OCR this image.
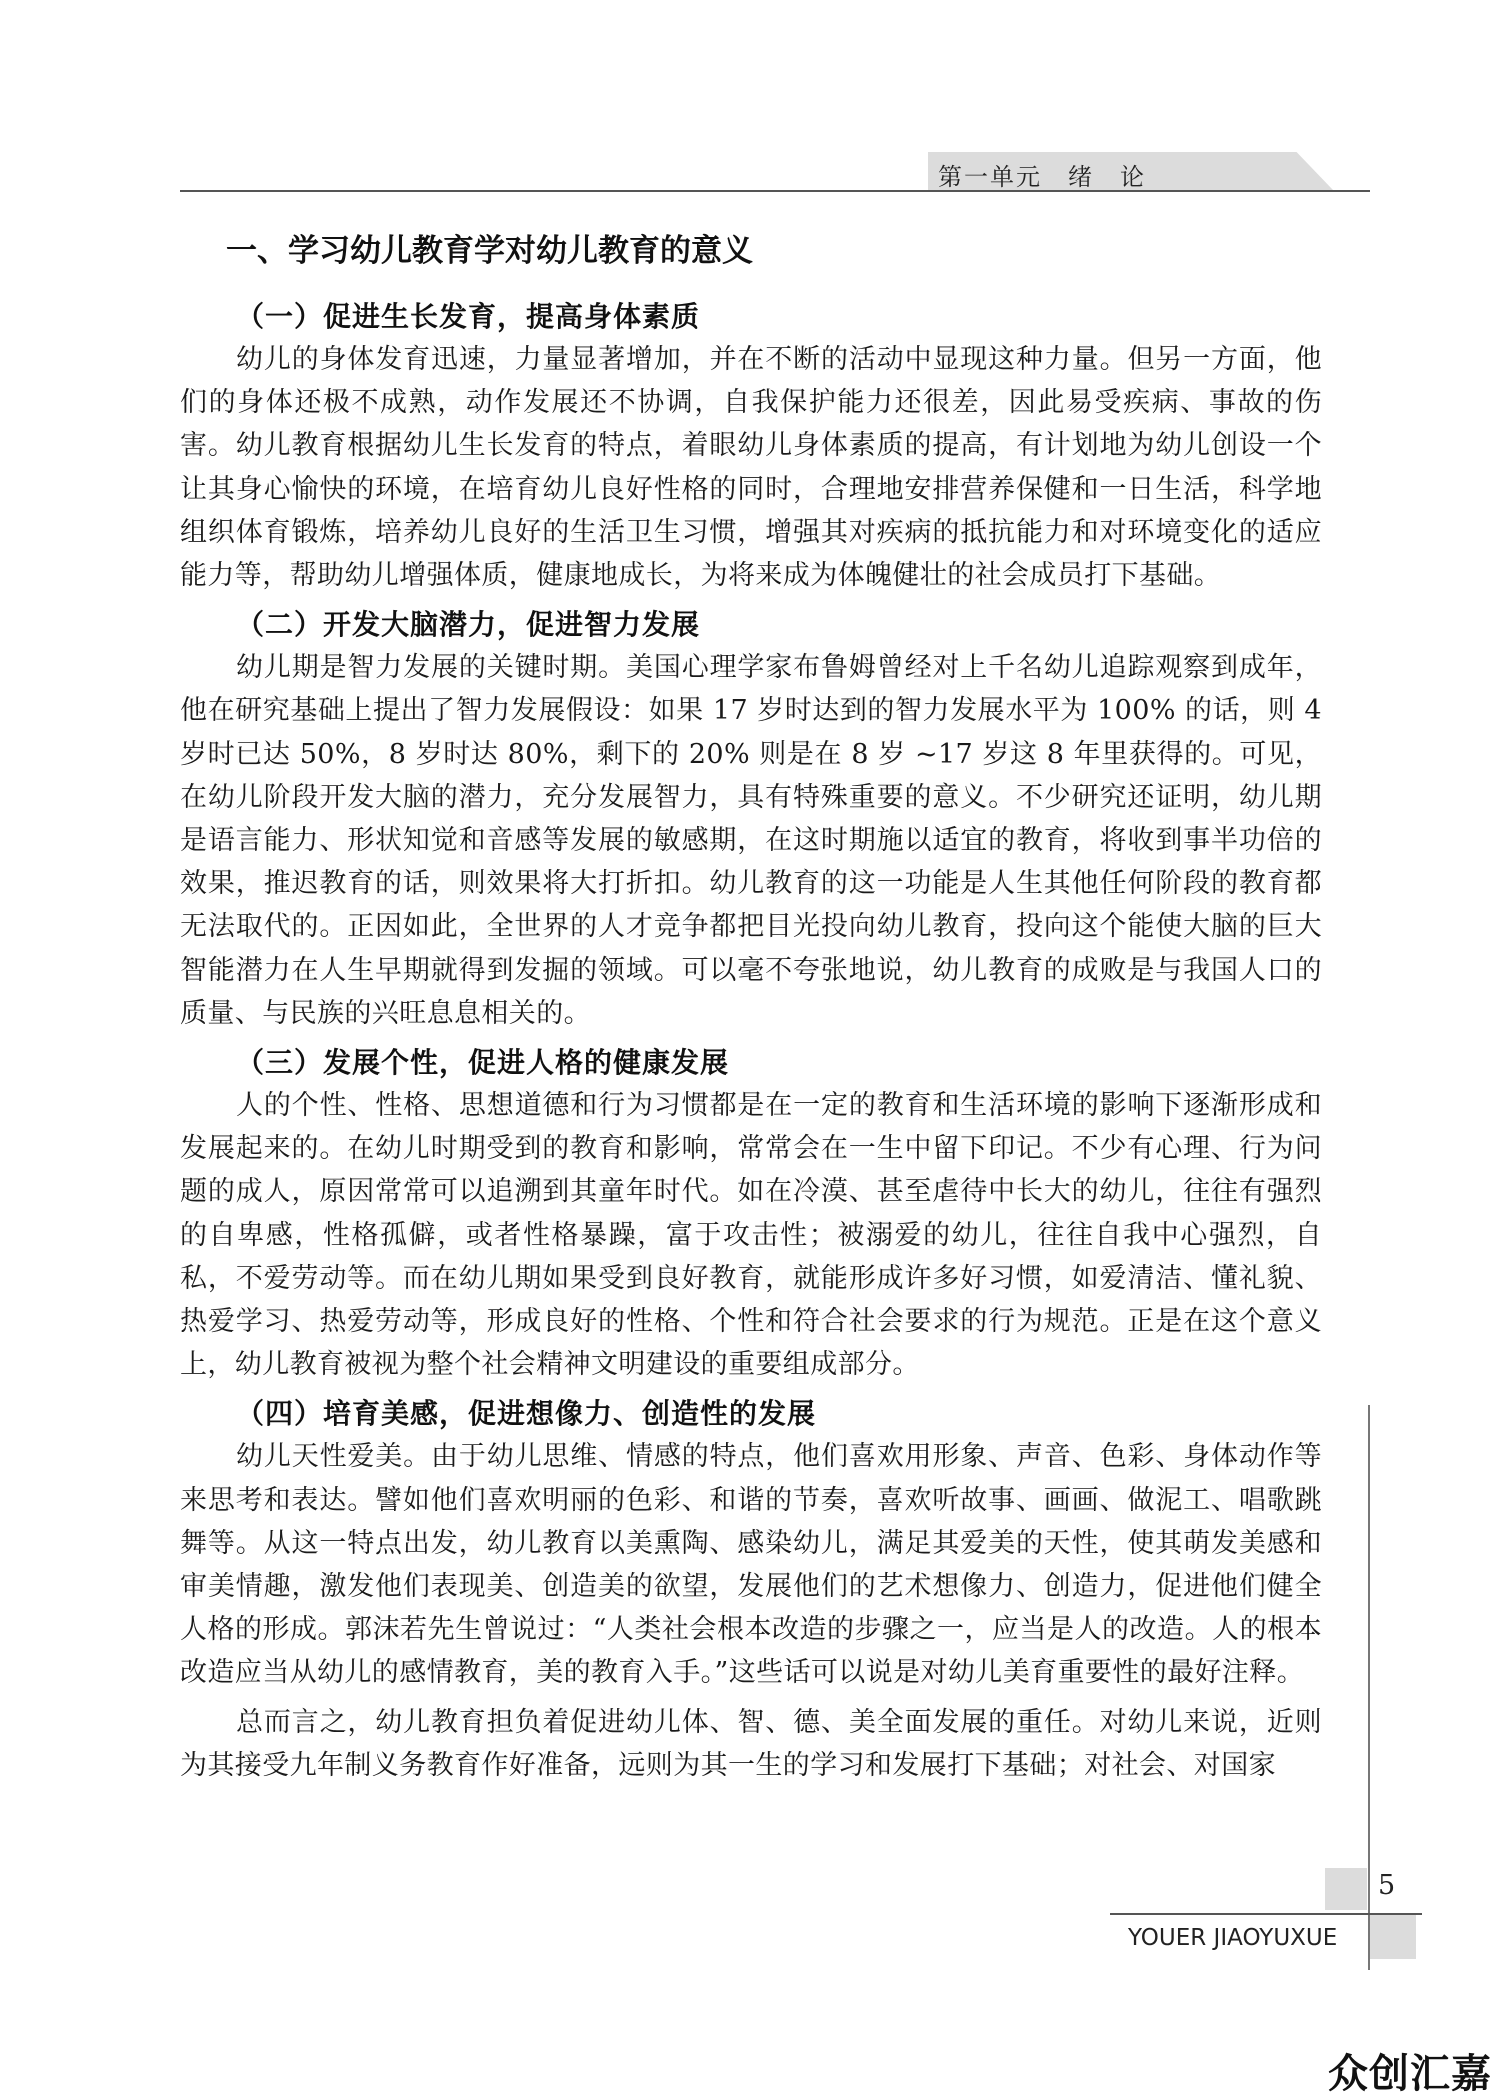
第一单元　绪　论
一、学习幼儿教育学对幼儿教育的意义
（一）促进生长发育，提高身体素质

幼儿的身体发育迅速，力量显著增加，并在不断的活动中显现这种力量。但另一方面，他们的身体还极不成熟，动作发展还不协调，自我保护能力还很差，因此易受疾病、事故的伤害。幼儿教育根据幼儿生长发育的特点，着眼幼儿身体素质的提高，有计划地为幼儿创设一个让其身心愉快的环境，在培育幼儿良好性格的同时，合理地安排营养保健和一日生活，科学地组织体育锻炼，培养幼儿良好的生活卫生习惯，增强其对疾病的抵抗能力和对环境变化的适应能力等，帮助幼儿增强体质，健康地成长，为将来成为体魄健壮的社会成员打下基础。

（二）开发大脑潜力，促进智力发展

幼儿期是智力发展的关键时期。美国心理学家布鲁姆曾经对上千名幼儿追踪观察到成年，他在研究基础上提出了智力发展假设：如果 17 岁时达到的智力发展水平为 100% 的话，则 4 岁时已达 50%，8 岁时达 80%，剩下的 20% 则是在 8 岁 ~17 岁这 8 年里获得的。可见，在幼儿阶段开发大脑的潜力，充分发展智力，具有特殊重要的意义。不少研究还证明，幼儿期是语言能力、形状知觉和音感等发展的敏感期，在这时期施以适宜的教育，将收到事半功倍的效果，推迟教育的话，则效果将大打折扣。幼儿教育的这一功能是人生其他任何阶段的教育都无法取代的。正因如此，全世界的人才竞争都把目光投向幼儿教育，投向这个能使大脑的巨大智能潜力在人生早期就得到发掘的领域。可以毫不夸张地说，幼儿教育的成败是与我国人口的质量、与民族的兴旺息息相关的。

（三）发展个性，促进人格的健康发展

人的个性、性格、思想道德和行为习惯都是在一定的教育和生活环境的影响下逐渐形成和发展起来的。在幼儿时期受到的教育和影响，常常会在一生中留下印记。不少有心理、行为问题的成人，原因常常可以追溯到其童年时代。如在冷漠、甚至虐待中长大的幼儿，往往有强烈的自卑感，性格孤僻，或者性格暴躁，富于攻击性；被溺爱的幼儿，往往自我中心强烈，自私，不爱劳动等。而在幼儿期如果受到良好教育，就能形成许多好习惯，如爱清洁、懂礼貌、热爱学习、热爱劳动等，形成良好的性格、个性和符合社会要求的行为规范。正是在这个意义上，幼儿教育被视为整个社会精神文明建设的重要组成部分。

（四）培育美感，促进想像力、创造性的发展

幼儿天性爱美。由于幼儿思维、情感的特点，他们喜欢用形象、声音、色彩、身体动作等来思考和表达。譬如他们喜欢明丽的色彩、和谐的节奏，喜欢听故事、画画、做泥工、唱歌跳舞等。从这一特点出发，幼儿教育以美熏陶、感染幼儿，满足其爱美的天性，使其萌发美感和审美情趣，激发他们表现美、创造美的欲望，发展他们的艺术想像力、创造力，促进他们健全人格的形成。郭沫若先生曾说过：“人类社会根本改造的步骤之一，应当是人的改造。人的根本改造应当从幼儿的感情教育，美的教育入手。”这些话可以说是对幼儿美育重要性的最好注释。

总而言之，幼儿教育担负着促进幼儿体、智、德、美全面发展的重任。对幼儿来说，近则为其接受九年制义务教育作好准备，远则为其一生的学习和发展打下基础；对社会、对国家

5
YOUER JIAOYUXUE
众创汇嘉
